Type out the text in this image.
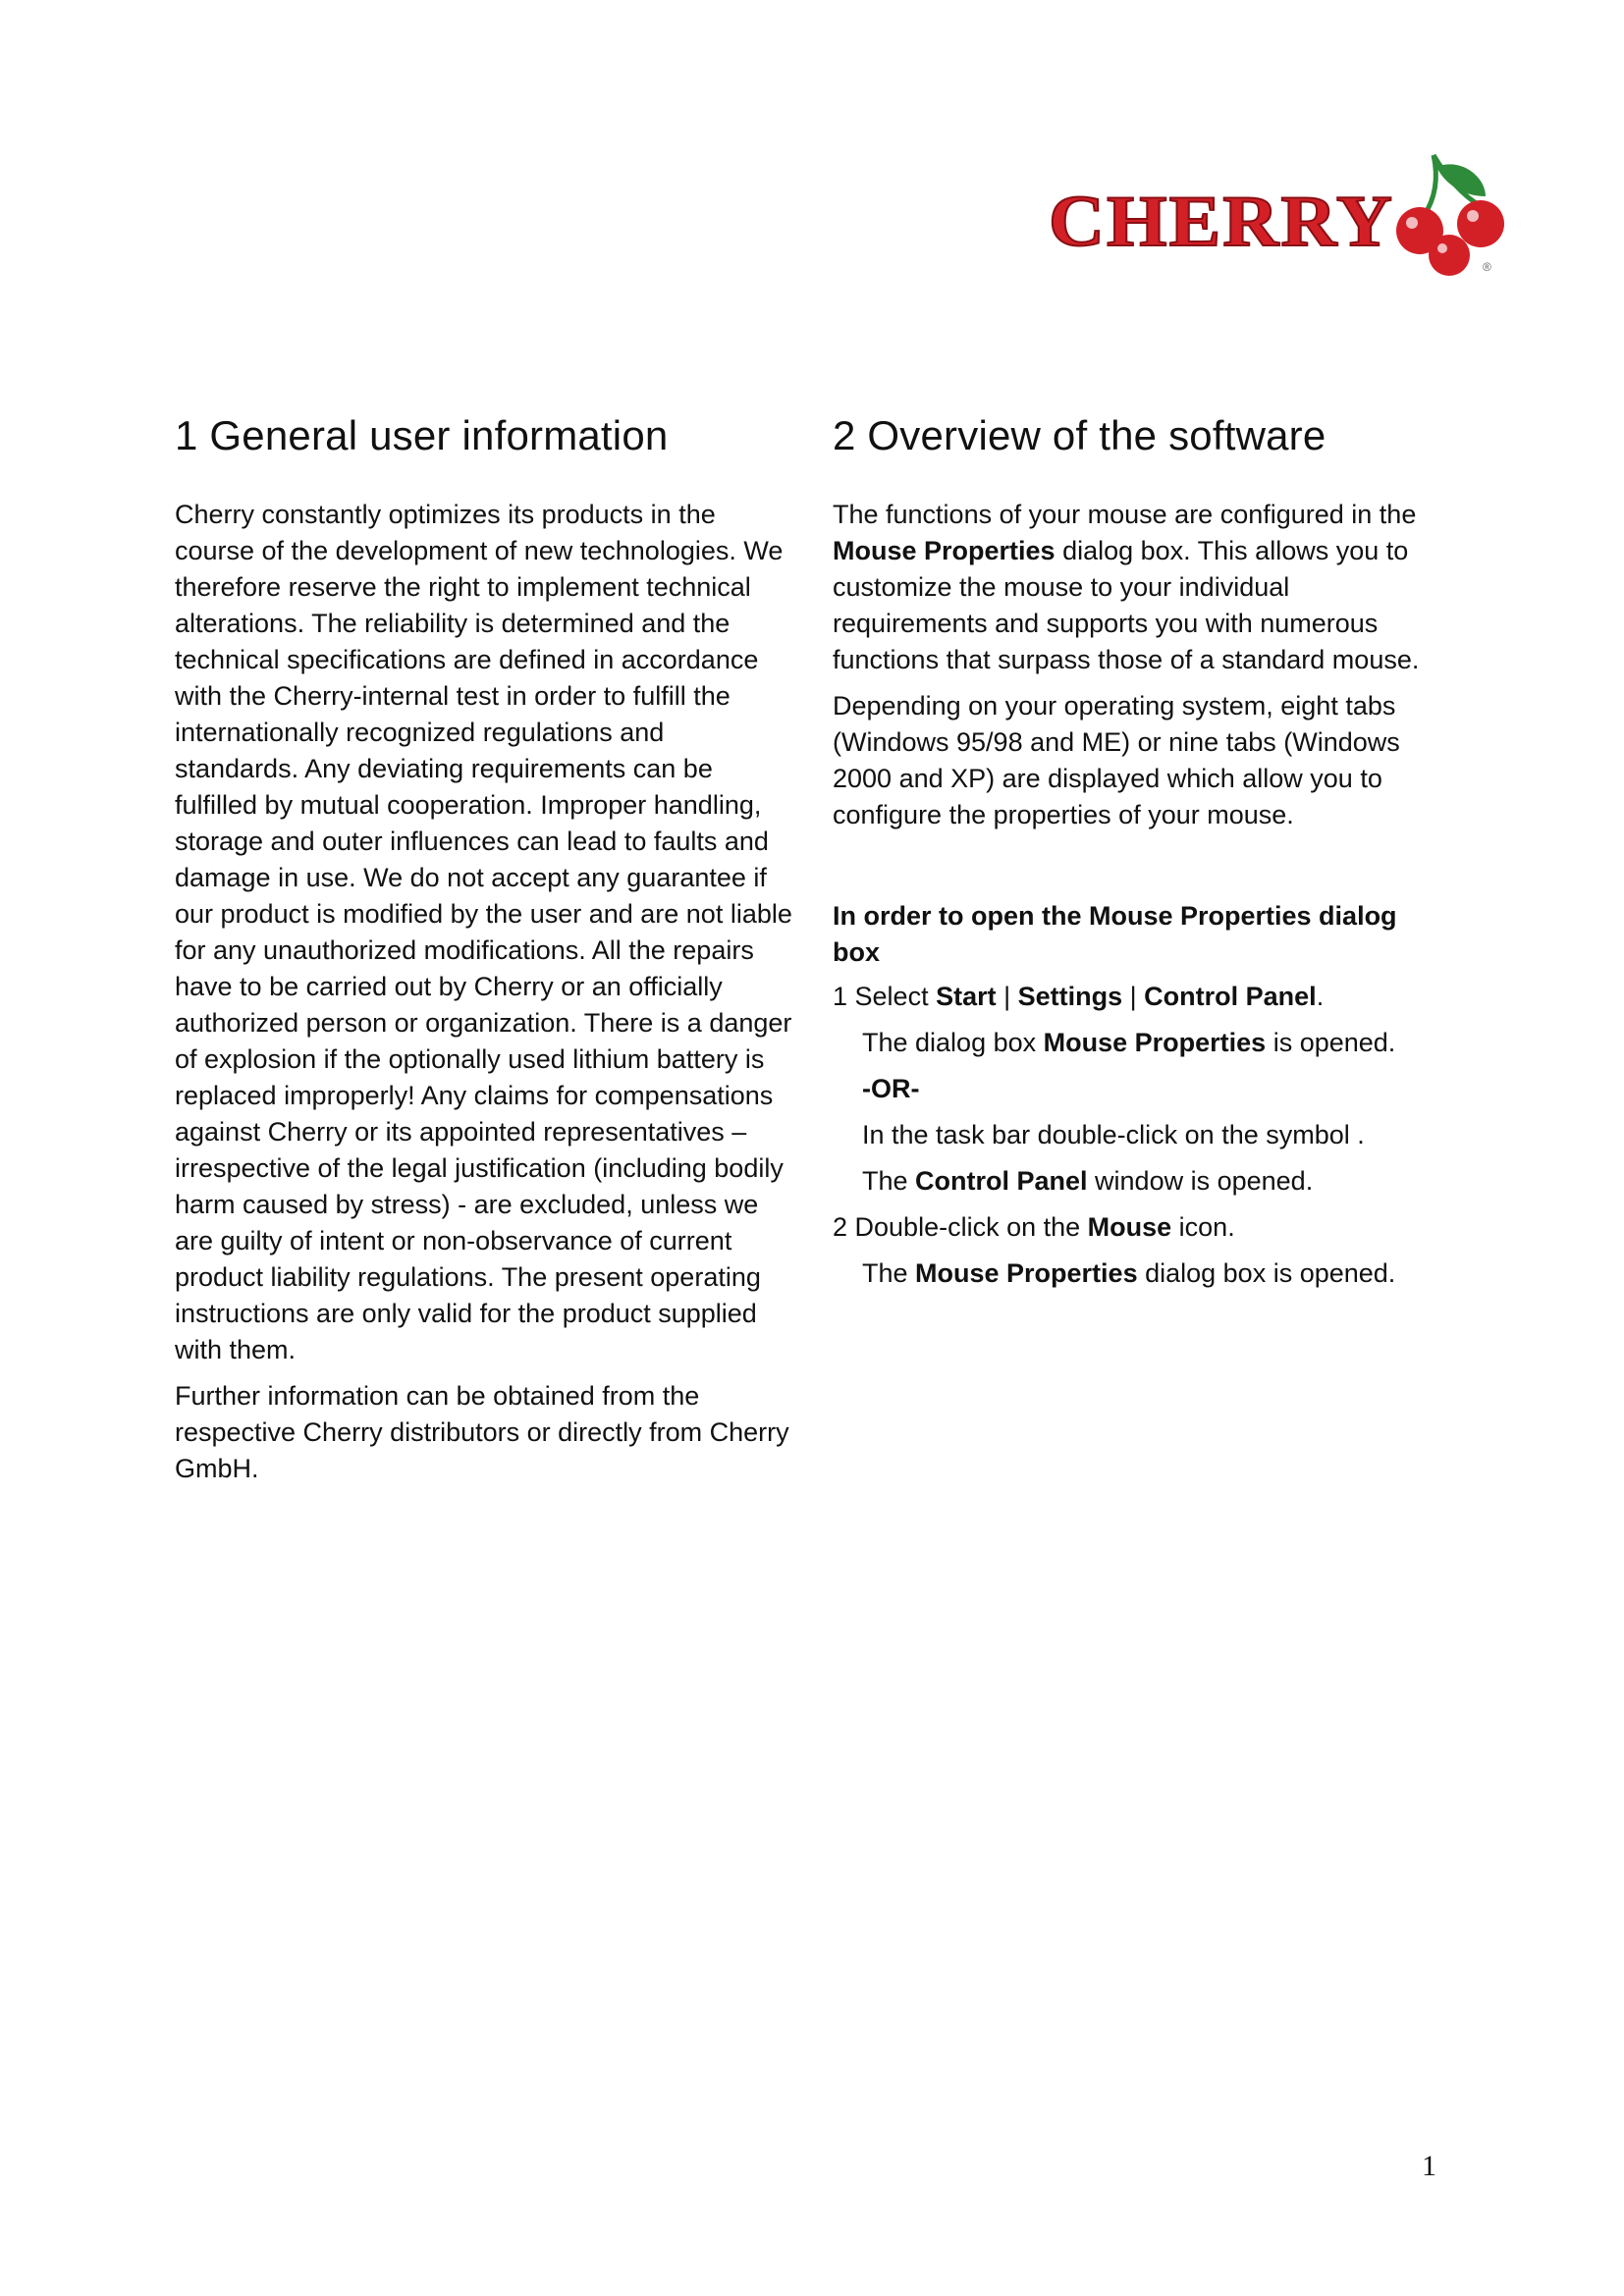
CHERRY
®
1 General user information

Cherry constantly optimizes its products in the course of the development of new technologies. We therefore reserve the right to implement technical alterations. The reliability is determined and the technical specifications are defined in accordance with the Cherry-internal test in order to fulfill the internationally recognized regulations and standards. Any deviating requirements can be fulfilled by mutual cooperation. Improper handling, storage and outer influences can lead to faults and damage in use. We do not accept any guarantee if our product is modified by the user and are not liable for any unauthorized modifications. All the repairs have to be carried out by Cherry or an officially authorized person or organization. There is a danger of explosion if the optionally used lithium battery is replaced improperly! Any claims for compensations against Cherry or its appointed representatives – irrespective of the legal justification (including bodily harm caused by stress) - are excluded, unless we are guilty of intent or non-observance of current product liability regulations. The present operating instructions are only valid for the product supplied with them.

Further information can be obtained from the respective Cherry distributors or directly from Cherry GmbH.

2 Overview of the software

The functions of your mouse are configured in the Mouse Properties dialog box. This allows you to customize the mouse to your individual requirements and supports you with numerous functions that surpass those of a standard mouse.

Depending on your operating system, eight tabs (Windows 95/98 and ME) or nine tabs (Windows 2000 and XP) are displayed which allow you to configure the properties of your mouse.

In order to open the Mouse Properties dialog box

1 Select Start | Settings | Control Panel.

The dialog box Mouse Properties is opened.

-OR-

In the task bar double-click on the symbol .

The Control Panel window is opened.

2 Double-click on the Mouse icon.

The Mouse Properties dialog box is opened.

1
